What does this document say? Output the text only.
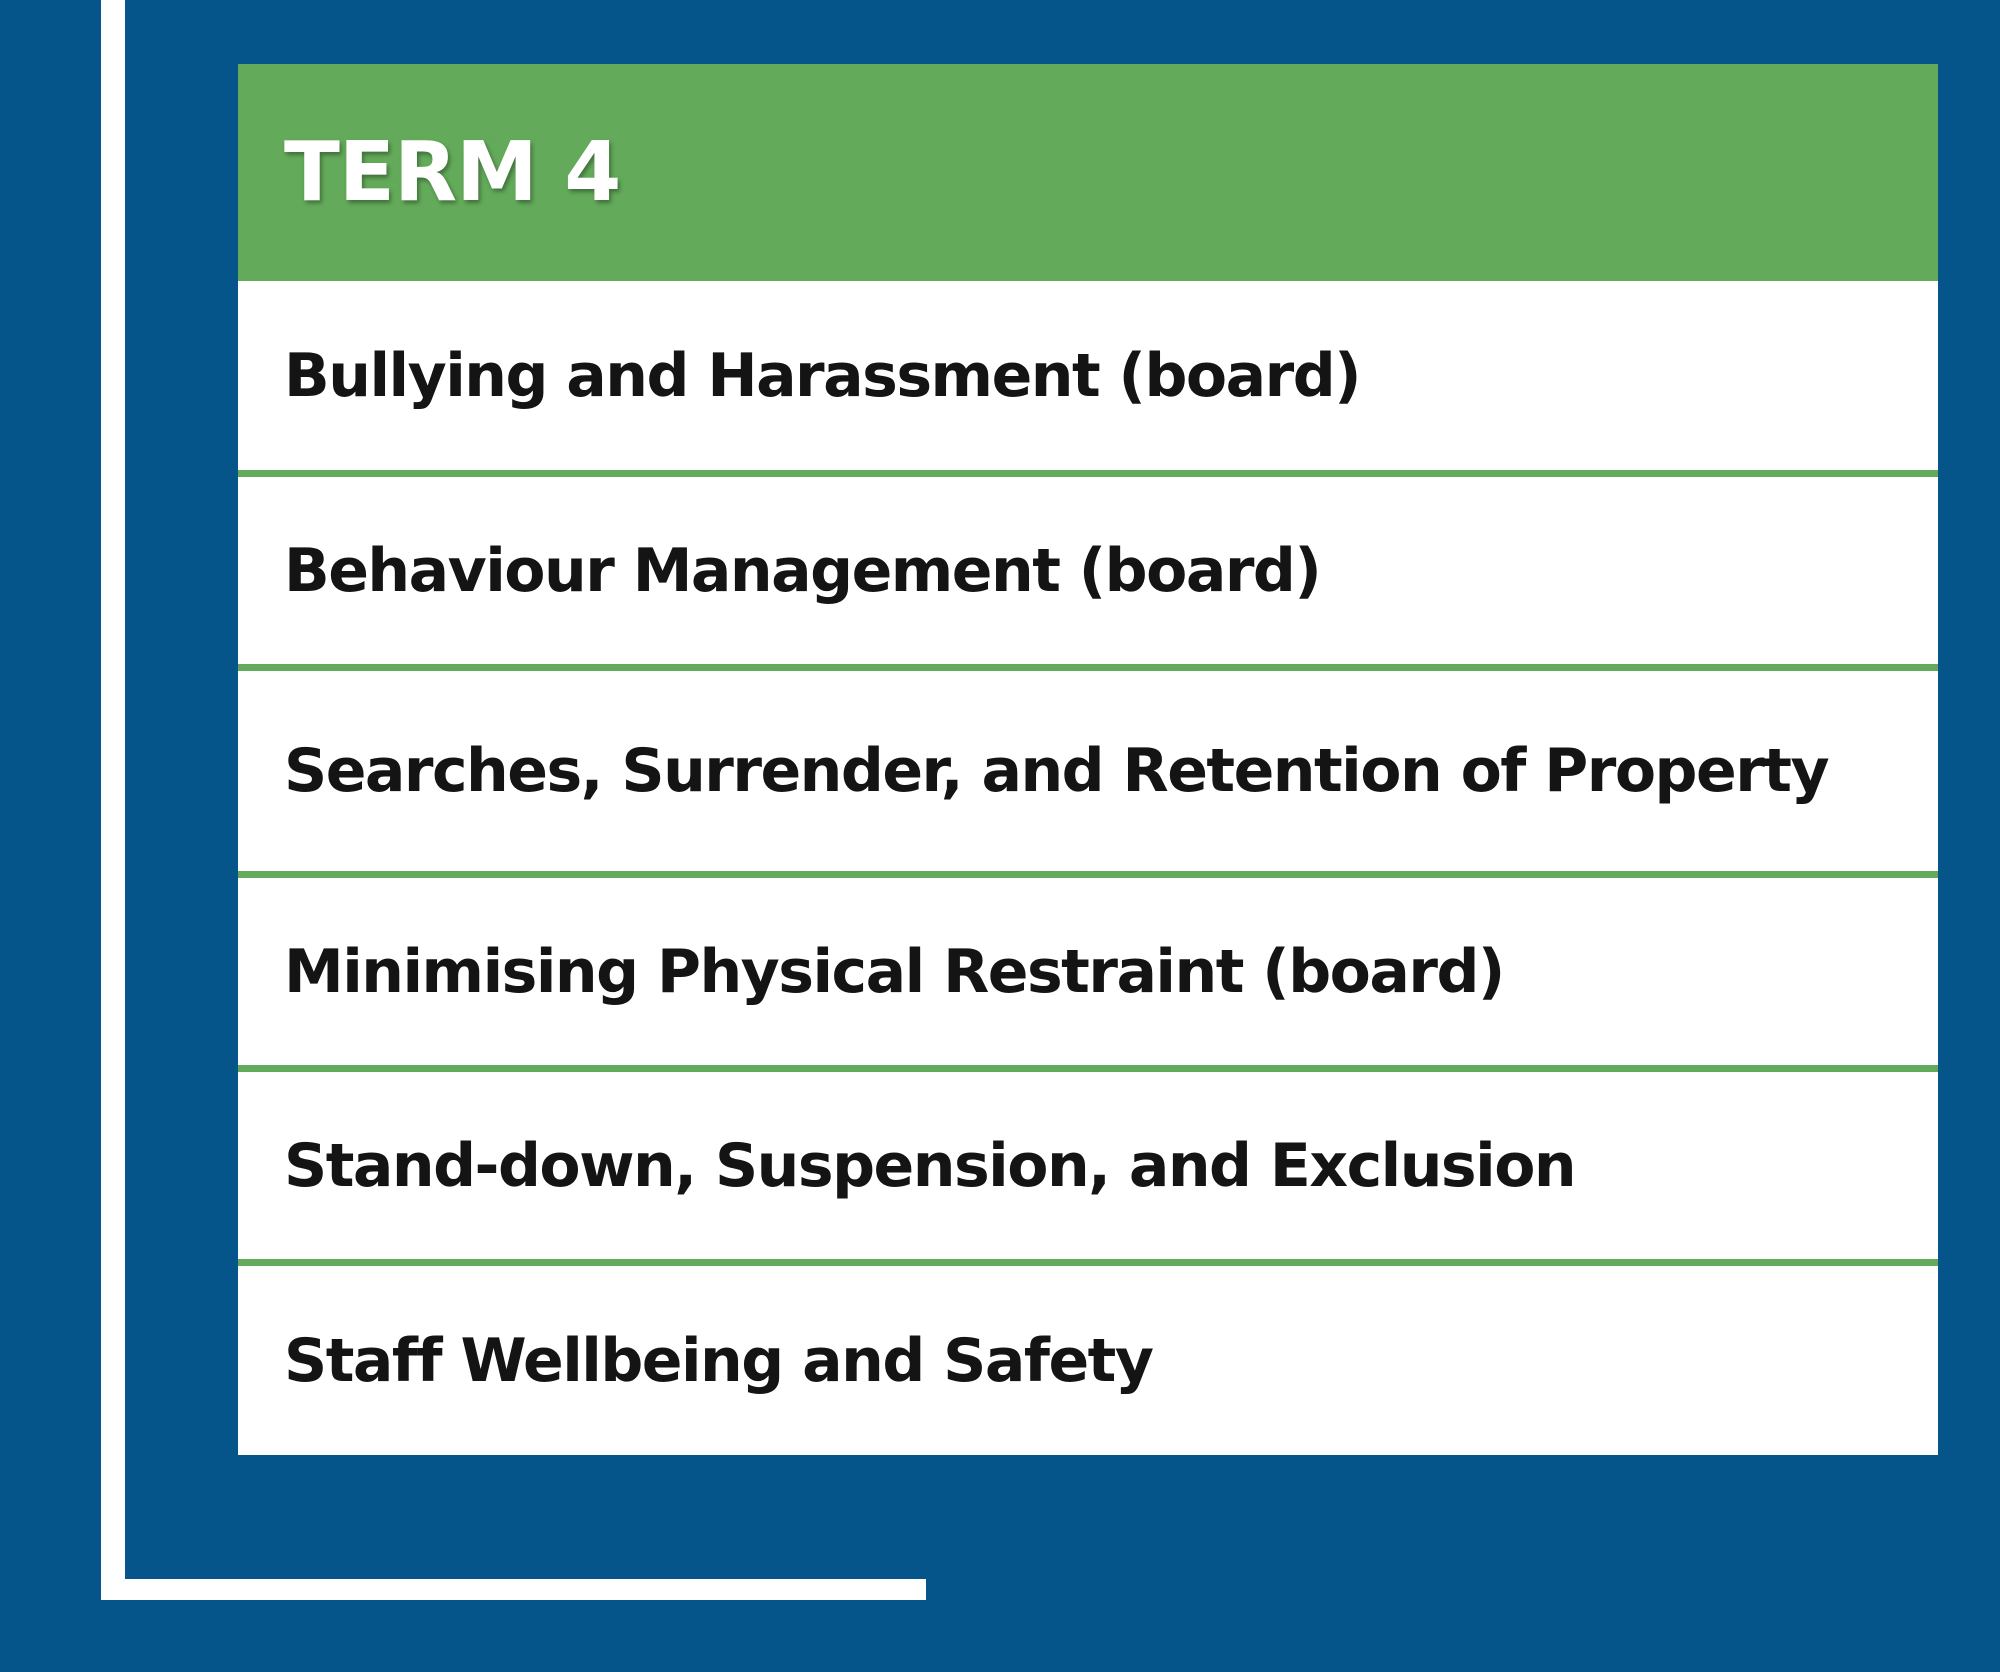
TERM 4
Bullying and Harassment (board)
Behaviour Management (board)
Searches, Surrender, and Retention of Property
Minimising Physical Restraint (board)
Stand-down, Suspension, and Exclusion
Staff Wellbeing and Safety
